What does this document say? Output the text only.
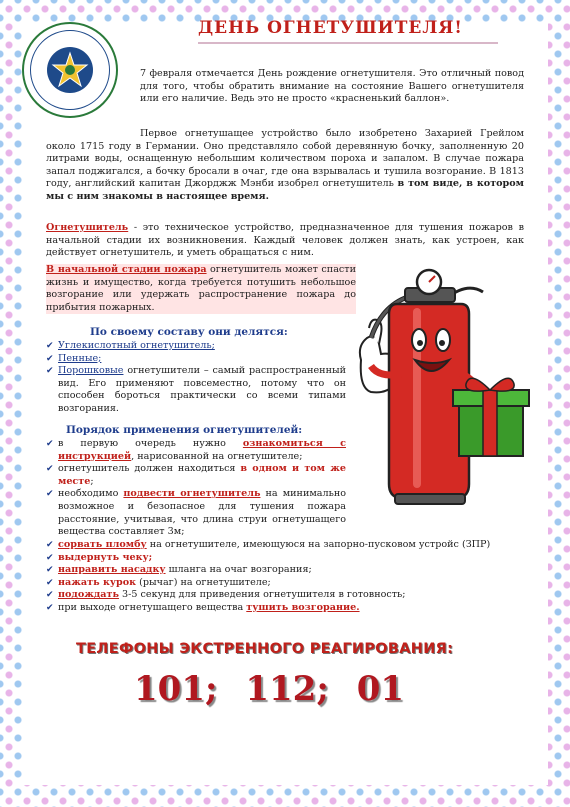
ДЕНЬ ОГНЕТУШИТЕЛЯ!
7 февраля отмечается День рождение огнетушителя. Это отличный повод для того, чтобы обратить внимание на состояние Вашего огнетушителя или его наличие. Ведь это не просто «красненький баллон».
Первое огнетушащее устройство было изобретено Захарией Грейлом около 1715 году в Германии. Оно представляло собой деревянную бочку, заполненную 20 литрами воды, оснащенную небольшим количеством пороха и запалом. В случае пожара запал поджигался, а бочку бросали в очаг, где она взрывалась и тушила возгорание. В 1813 году, английский капитан Джорджж Мэнби изобрел огнетушитель в том виде, в котором мы с ним знакомы в настоящее время.
Огнетушитель - это техническое устройство, предназначенное для тушения пожаров в начальной стадии их возникновения. Каждый человек должен знать, как устроен, как действует огнетушитель, и уметь обращаться с ним.
В начальной стадии пожара огнетушитель может спасти жизнь и имущество, когда требуется потушить небольшое возгорание или удержать распространение пожара до прибытия пожарных.
По своему составу они делятся:
✔ Углекислотный огнетушитель;
✔ Пенные;
✔ Порошковые огнетушители – самый распространенный вид. Его применяют повсеместно, потому что он способен бороться практически со всеми типами возгорания.
Порядок применения огнетушителей:
✔ в первую очередь нужно ознакомиться с инструкцией, нарисованной на огнетушителе;
✔ огнетушитель должен находиться в одном и том же месте;
✔ необходимо подвести огнетушитель на минимально возможное и безопасное для тушения пожара расстояние, учитывая, что длина струи огнетушащего вещества составляет 3м;
✔ сорвать пломбу на огнетушителе, имеющуюся на запорно-пусковом устройс (ЗПР)
✔ выдернуть чеку;
✔ направить насадку шланга на очаг возгорания;
✔ нажать курок (рычаг) на огнетушителе;
✔ подождать 3-5 секунд для приведения огнетушителя в готовность;
✔ при выходе огнетушащего вещества тушить возгорание.
ТЕЛЕФОНЫ ЭКСТРЕННОГО РЕАГИРОВАНИЯ:
101; 112; 01
